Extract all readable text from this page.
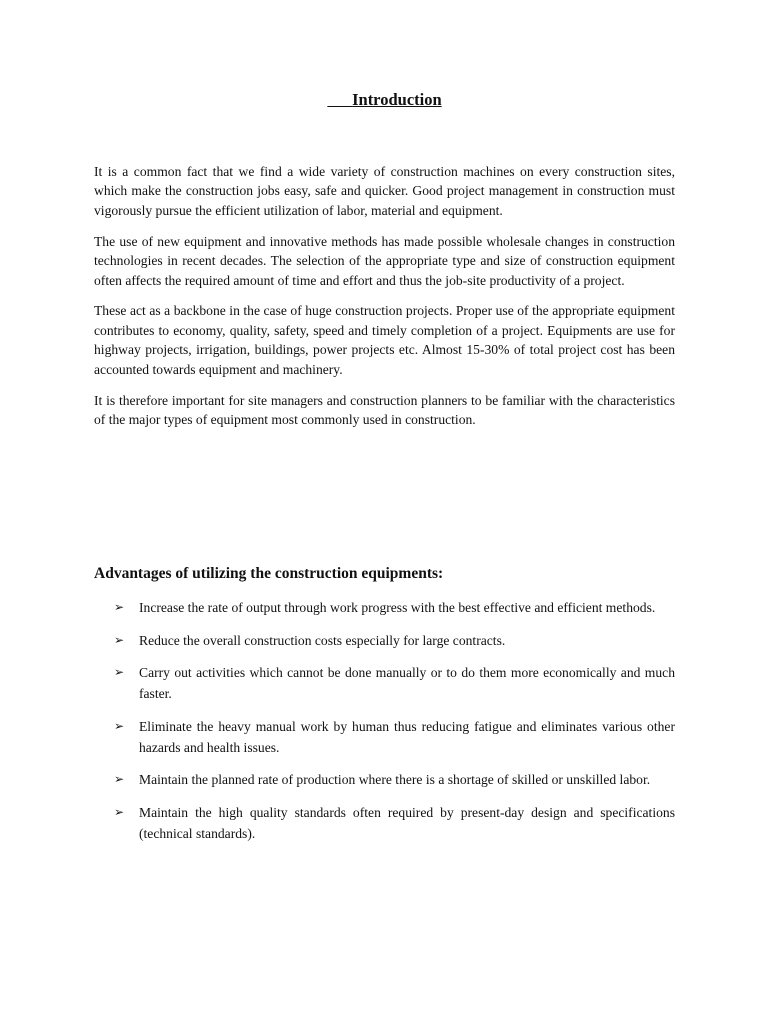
Introduction

It is a common fact that we find a wide variety of construction machines on every construction sites, which make the construction jobs easy, safe and quicker. Good project management in construction must vigorously pursue the efficient utilization of labor, material and equipment.

The use of new equipment and innovative methods has made possible wholesale changes in construction technologies in recent decades. The selection of the appropriate type and size of construction equipment often affects the required amount of time and effort and thus the job-site productivity of a project.

These act as a backbone in the case of huge construction projects. Proper use of the appropriate equipment contributes to economy, quality, safety, speed and timely completion of a project. Equipments are use for highway projects, irrigation, buildings, power projects etc. Almost 15-30% of total project cost has been accounted towards equipment and machinery.

It is therefore important for site managers and construction planners to be familiar with the characteristics of the major types of equipment most commonly used in construction.

Advantages of utilizing the construction equipments:
➢ Increase the rate of output through work progress with the best effective and efficient methods.
➢ Reduce the overall construction costs especially for large contracts.
➢ Carry out activities which cannot be done manually or to do them more economically and much faster.
➢ Eliminate the heavy manual work by human thus reducing fatigue and eliminates various other hazards and health issues.
➢ Maintain the planned rate of production where there is a shortage of skilled or unskilled labor.
➢ Maintain the high quality standards often required by present-day design and specifications (technical standards).
